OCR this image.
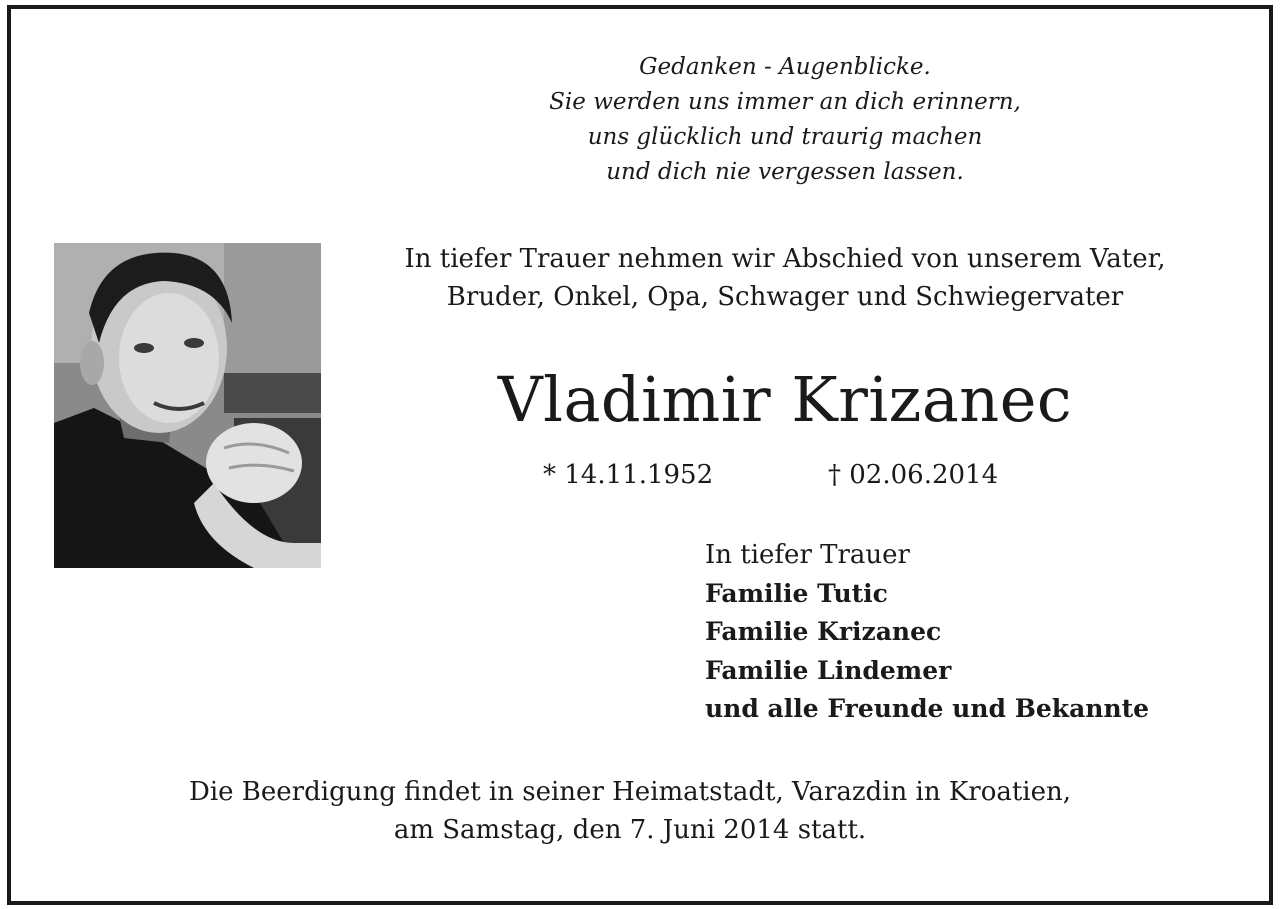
Gedanken - Augenblicke.
Sie werden uns immer an dich erinnern,
uns glücklich und traurig machen
und dich nie vergessen lassen.
In tiefer Trauer nehmen wir Abschied von unserem Vater,
Bruder, Onkel, Opa, Schwager und Schwiegervater
Vladimir Krizanec
* 14.11.1952	† 02.06.2014
In tiefer Trauer
Familie Tutic
Familie Krizanec
Familie Lindemer
und alle Freunde und Bekannte
Die Beerdigung findet in seiner Heimatstadt, Varazdin in Kroatien,
am Samstag, den 7. Juni 2014 statt.
